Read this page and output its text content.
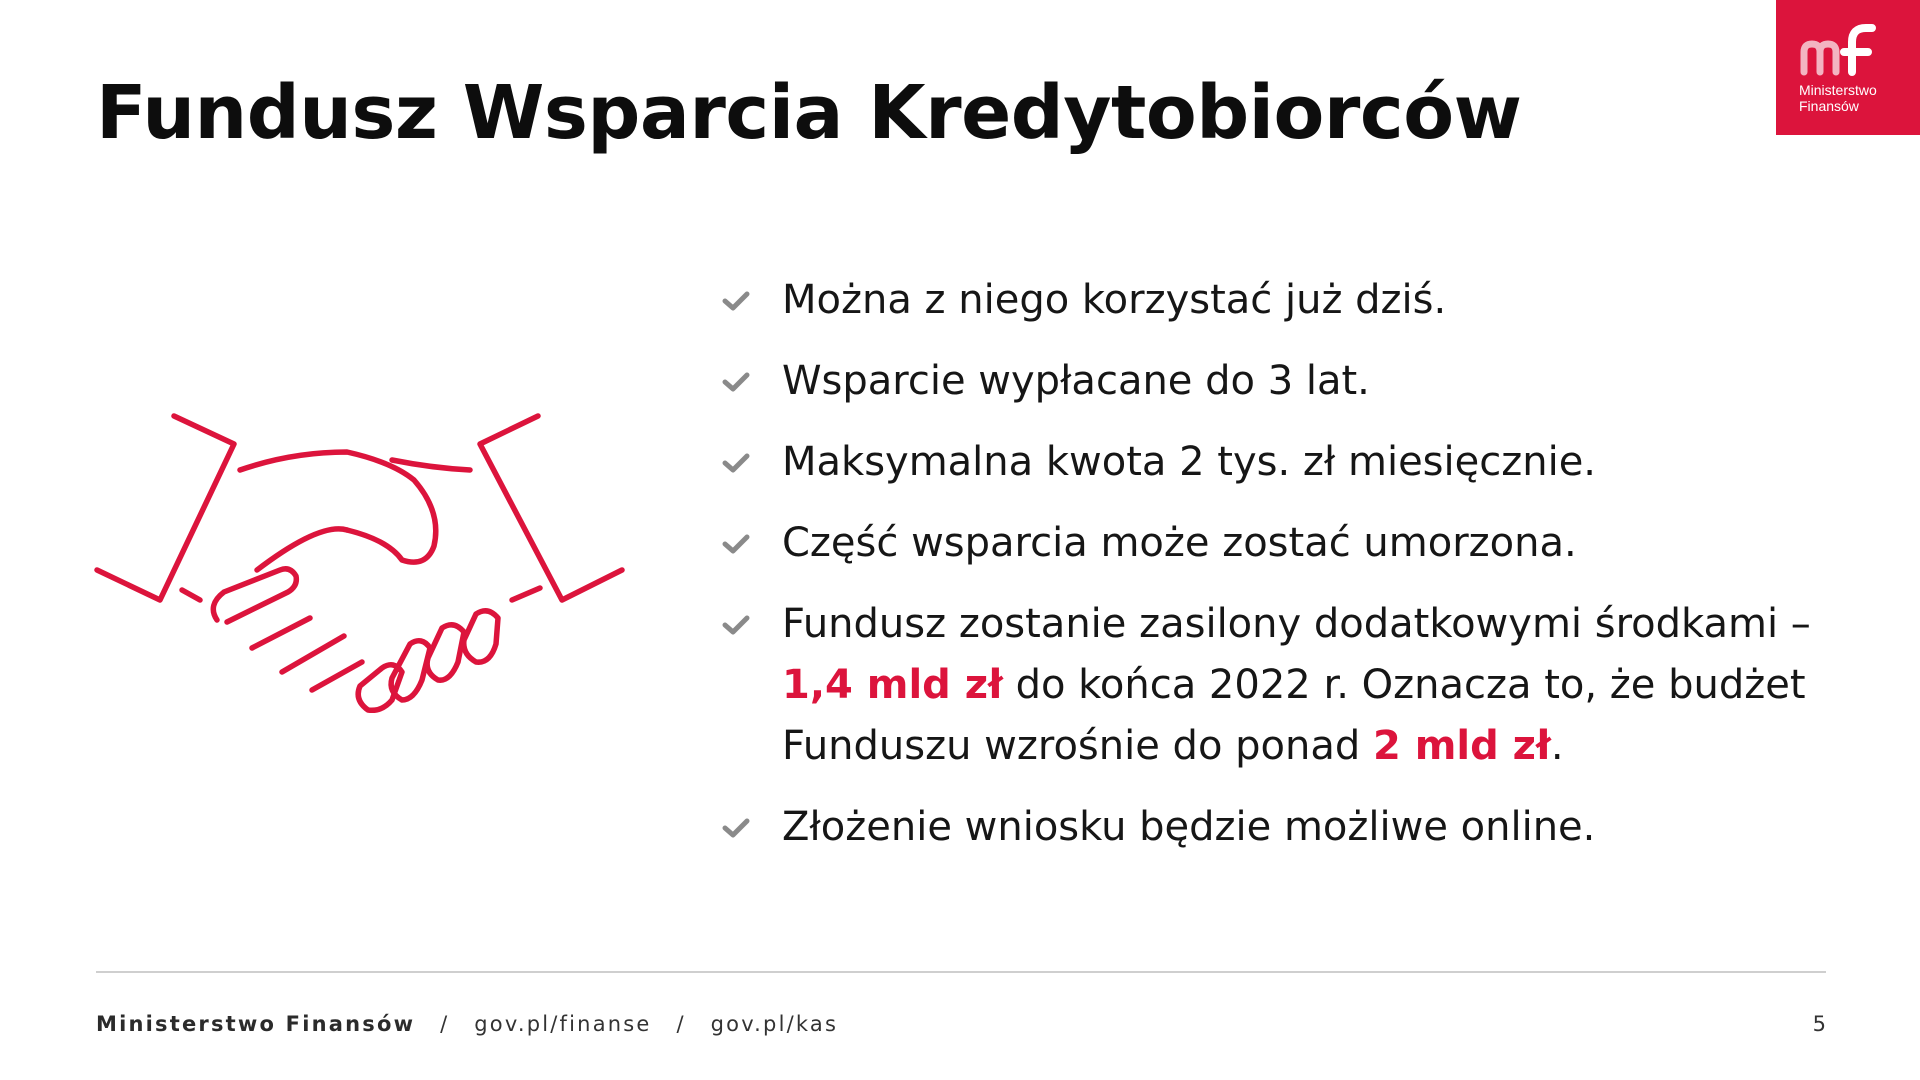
Fundusz Wsparcia Kredytobiorców	Ministerstwo
Finansów
Można z niego korzystać już dziś.
Wsparcie wypłacane do 3 lat.
Maksymalna kwota 2 tys. zł miesięcznie.
Część wsparcia może zostać umorzona.
Fundusz zostanie zasilony dodatkowymi środkami – 1,4 mld zł do końca 2022 r. Oznacza to, że budżet Funduszu wzrośnie do ponad 2 mld zł.
Złożenie wniosku będzie możliwe online.
Ministerstwo Finansów / gov.pl/finanse / gov.pl/kas	5
